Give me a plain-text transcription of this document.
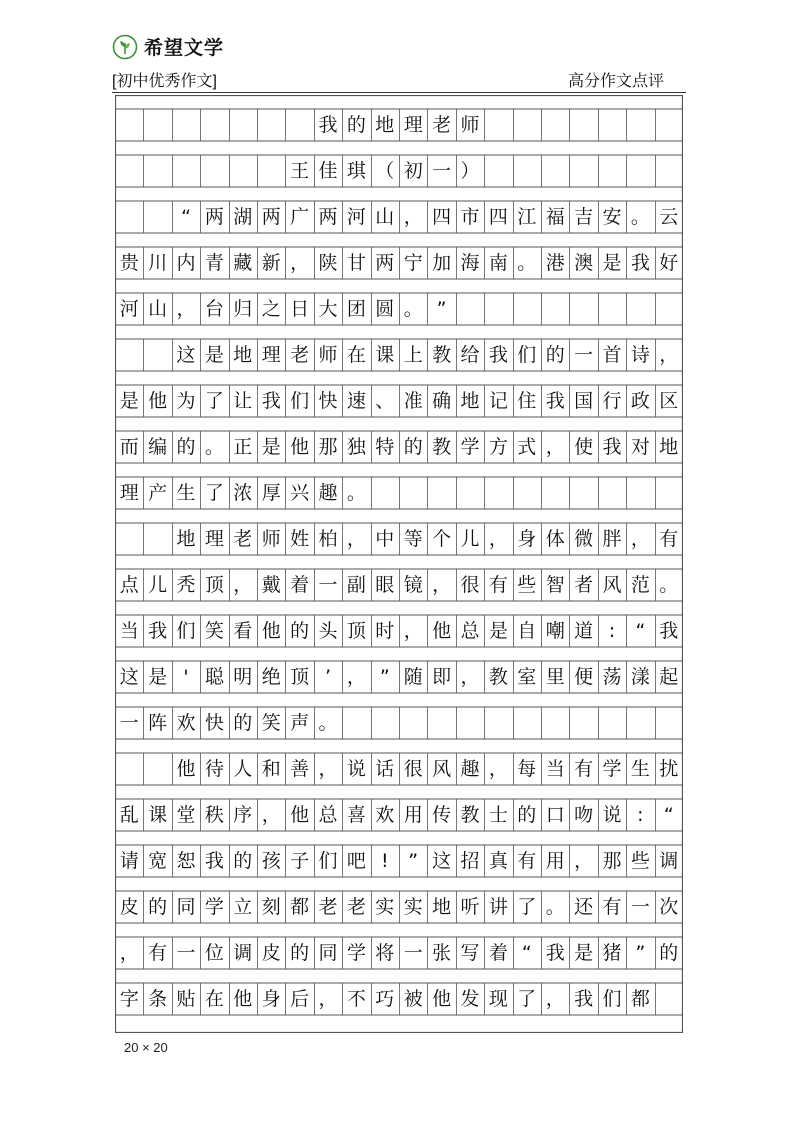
希望文学
[初中优秀作文]	高分作文点评
我 的 地 理 老 师
王 佳 琪 （ 初 一 ）
“ 两 湖 两 广 两 河 山 ， 四 市 四 江 福 吉 安 。 云
贵 川 内 青 藏 新 ， 陕 甘 两 宁 加 海 南 。 港 澳 是 我 好
河 山 ， 台 归 之 日 大 团 圆 。 ”
这 是 地 理 老 师 在 课 上 教 给 我 们 的 一 首 诗 ，
是 他 为 了 让 我 们 快 速 、 准 确 地 记 住 我 国 行 政 区
而 编 的 。 正 是 他 那 独 特 的 教 学 方 式 ， 使 我 对 地
理 产 生 了 浓 厚 兴 趣 。
地 理 老 师 姓 柏 ， 中 等 个 儿 ， 身 体 微 胖 ， 有
点 儿 秃 顶 ， 戴 着 一 副 眼 镜 ， 很 有 些 智 者 风 范 。
当 我 们 笑 看 他 的 头 顶 时 ， 他 总 是 自 嘲 道 :	“ 我
这 是 ' 聪 明 绝 顶 ’ ， ” 随 即 ， 教 室 里 便 荡 漾 起
一 阵 欢 快 的 笑 声 。
他 待 人 和 善 ， 说 话 很 风 趣 ， 每 当 有 学 生 扰
乱 课 堂 秩 序 ， 他 总 喜 欢 用 传 教 士 的 口 吻 说 :	“
请 宽 恕 我 的 孩 子 们 吧 !	” 这 招 真 有 用 ， 那 些 调
皮 的 同 学 立 刻 都 老 老 实 实 地 听 讲 了 。 还 有 一 次
， 有 一 位 调 皮 的 同 学 将 一 张 写 着 “ 我 是 猪 ” 的
字 条 贴 在 他 身 后 ， 不 巧 被 他 发 现 了 ， 我 们 都
20 × 20
